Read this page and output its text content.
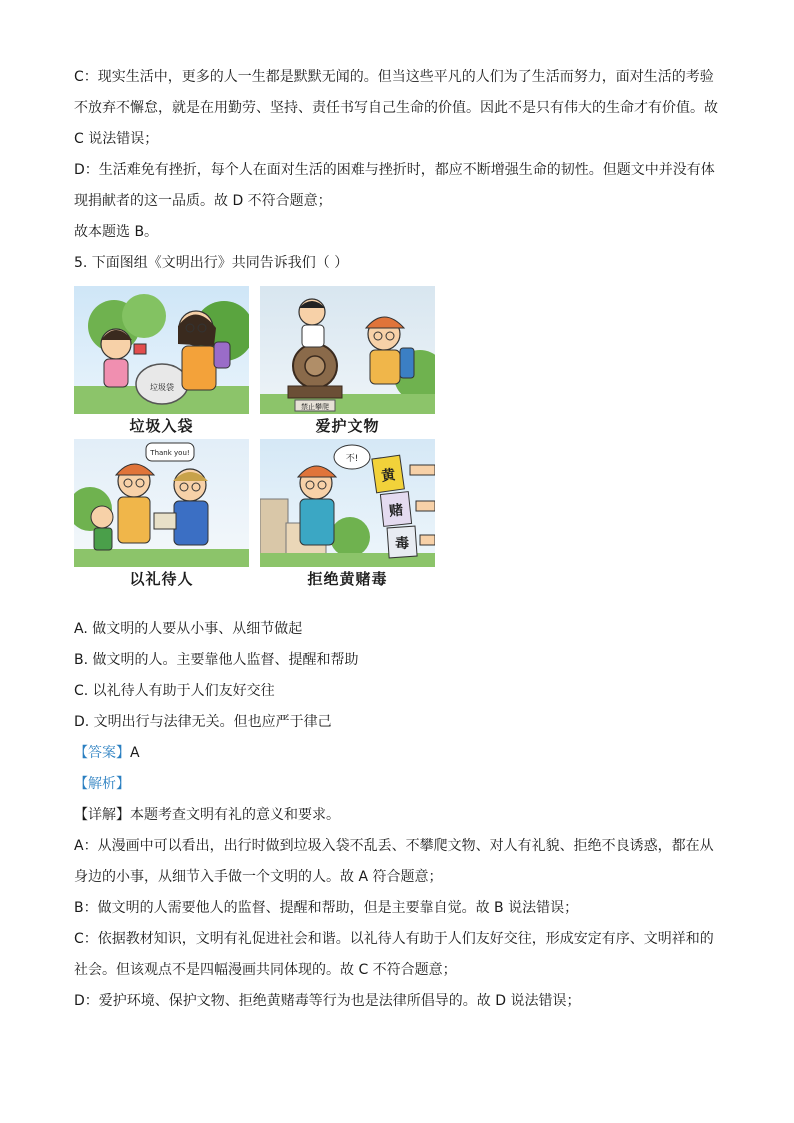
C：现实生活中，更多的人一生都是默默无闻的。但当这些平凡的人们为了生活而努力，面对生活的考验
不放弃不懈怠，就是在用勤劳、坚持、责任书写自己生命的价值。因此不是只有伟大的生命才有价值。故
C 说法错误；
D：生活难免有挫折，每个人在面对生活的困难与挫折时，都应不断增强生命的韧性。但题文中并没有体
现捐献者的这一品质。故 D 不符合题意；
故本题选 B。
5. 下面图组《文明出行》共同告诉我们（ ）
垃圾袋
垃圾入袋
禁止攀爬
爱护文物
Thank you!
以礼待人
不!
黄
赌
毒
拒绝黄赌毒
A. 做文明的人要从小事、从细节做起
B. 做文明的人。主要靠他人监督、提醒和帮助
C. 以礼待人有助于人们友好交往
D. 文明出行与法律无关。但也应严于律己
【答案】A
【解析】
【详解】本题考查文明有礼的意义和要求。
A：从漫画中可以看出，出行时做到垃圾入袋不乱丢、不攀爬文物、对人有礼貌、拒绝不良诱惑，都在从
身边的小事，从细节入手做一个文明的人。故 A 符合题意；
B：做文明的人需要他人的监督、提醒和帮助，但是主要靠自觉。故 B 说法错误；
C：依据教材知识，文明有礼促进社会和谐。以礼待人有助于人们友好交往，形成安定有序、文明祥和的
社会。但该观点不是四幅漫画共同体现的。故 C 不符合题意；
D：爱护环境、保护文物、拒绝黄赌毒等行为也是法律所倡导的。故 D 说法错误；
